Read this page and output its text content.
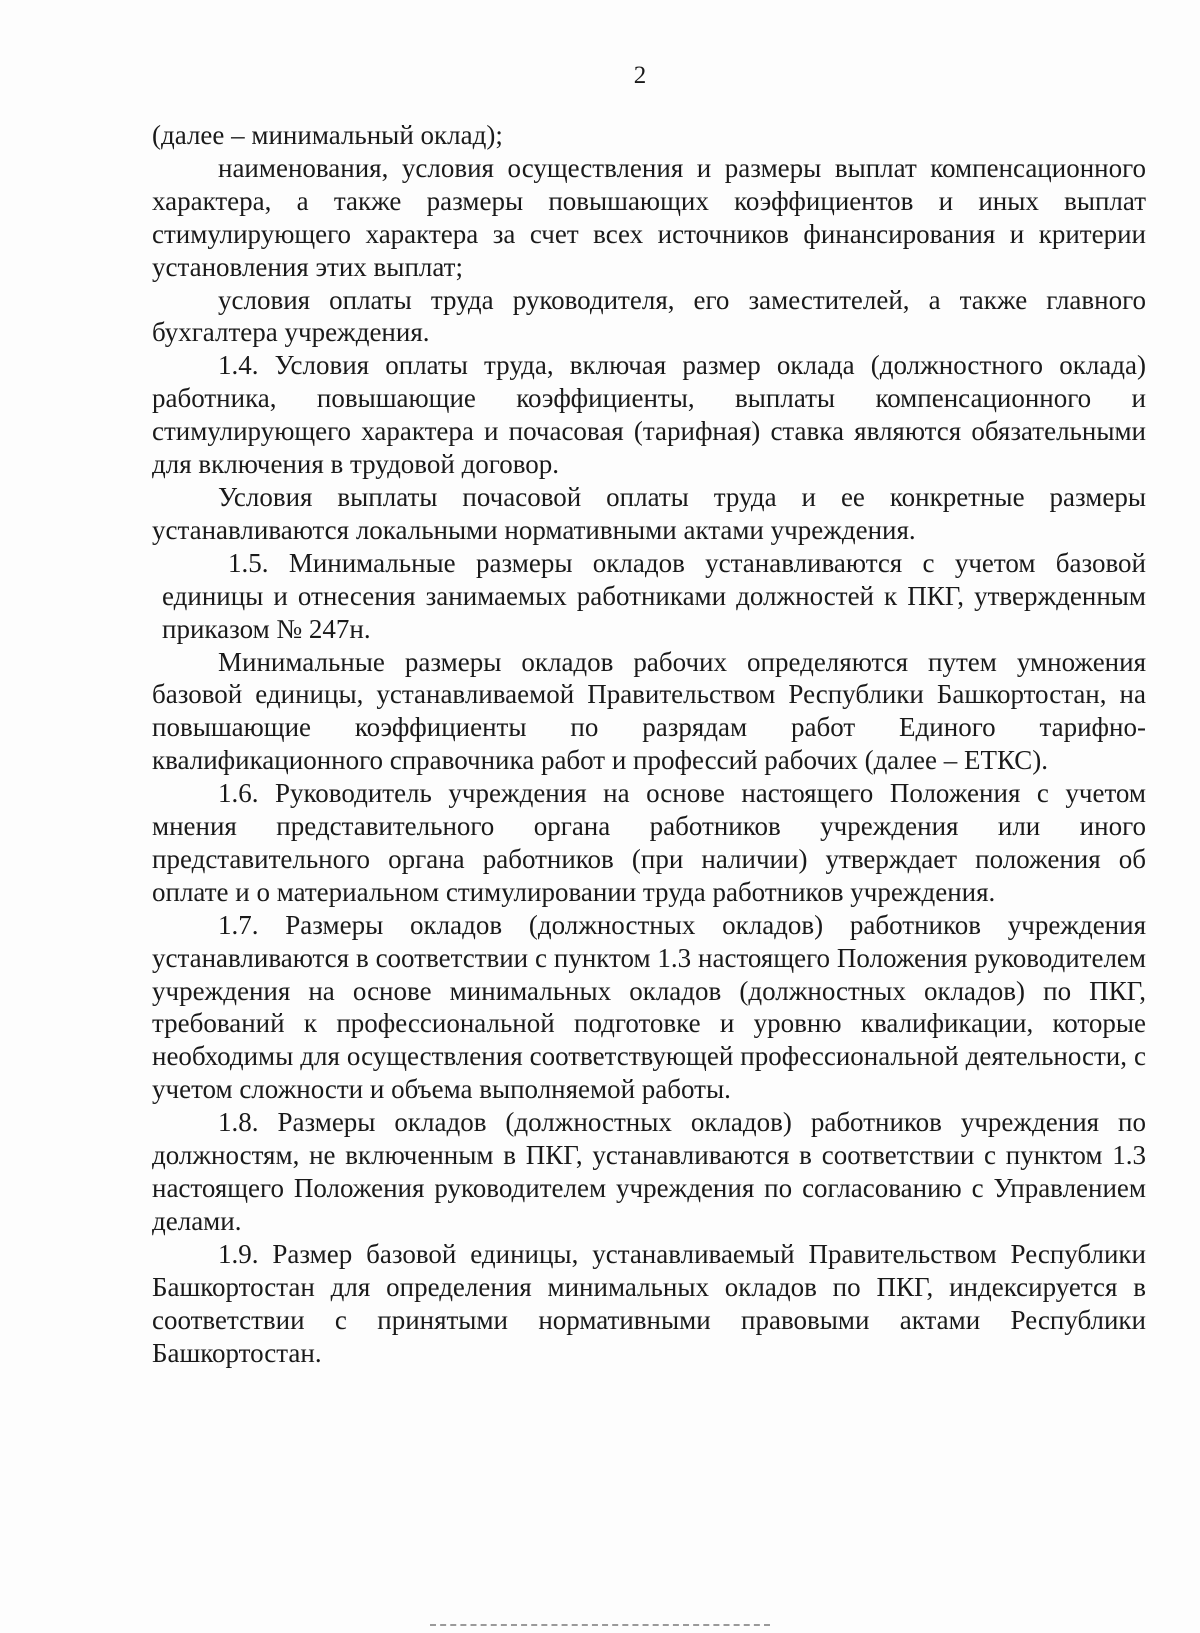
2

(далее – минимальный оклад);

наименования, условия осуществления и размеры выплат компенсационного характера, а также размеры повышающих коэффициентов и иных выплат стимулирующего характера за счет всех источников финансирования и критерии установления этих выплат;

условия оплаты труда руководителя, его заместителей, а также главного бухгалтера учреждения.

1.4. Условия оплаты труда, включая размер оклада (должностного оклада) работника, повышающие коэффициенты, выплаты компенсационного и стимулирующего характера и почасовая (тарифная) ставка являются обязательными для включения в трудовой договор.

Условия выплаты почасовой оплаты труда и ее конкретные размеры устанавливаются локальными нормативными актами учреждения.

1.5. Минимальные размеры окладов устанавливаются с учетом базовой единицы и отнесения занимаемых работниками должностей к ПКГ, утвержденным приказом № 247н.

Минимальные размеры окладов рабочих определяются путем умножения базовой единицы, устанавливаемой Правительством Республики Башкортостан, на повышающие коэффициенты по разрядам работ Единого тарифно-квалификационного справочника работ и профессий рабочих (далее – ЕТКС).

1.6. Руководитель учреждения на основе настоящего Положения с учетом мнения представительного органа работников учреждения или иного представительного органа работников (при наличии) утверждает положения об оплате и о материальном стимулировании труда работников учреждения.

1.7. Размеры окладов (должностных окладов) работников учреждения устанавливаются в соответствии с пунктом 1.3 настоящего Положения руководителем учреждения на основе минимальных окладов (должностных окладов) по ПКГ, требований к профессиональной подготовке и уровню квалификации, которые необходимы для осуществления соответствующей профессиональной деятельности, с учетом сложности и объема выполняемой работы.

1.8. Размеры окладов (должностных окладов) работников учреждения по должностям, не включенным в ПКГ, устанавливаются в соответствии с пунктом 1.3 настоящего Положения руководителем учреждения по согласованию с Управлением делами.

1.9. Размер базовой единицы, устанавливаемый Правительством Республики Башкортостан для определения минимальных окладов по ПКГ, индексируется в соответствии с принятыми нормативными правовыми актами Республики Башкортостан.
